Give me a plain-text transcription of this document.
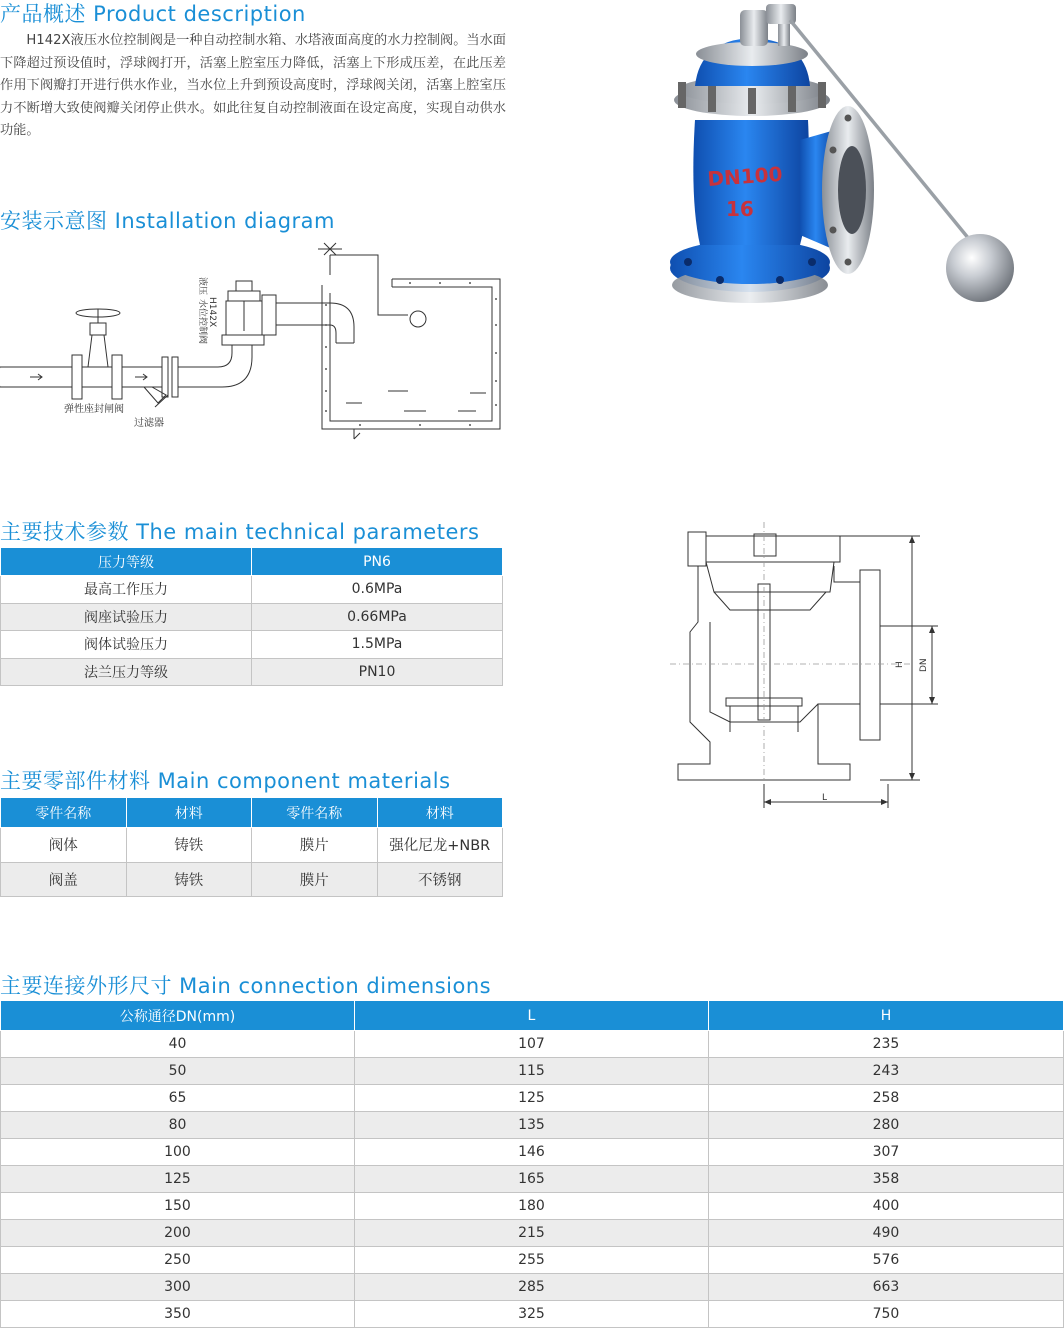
产品概述 Product description

H142X液压水位控制阀是一种自动控制水箱、水塔液面高度的水力控制阀。当水面下降超过预设值时，浮球阀打开，活塞上腔室压力降低，活塞上下形成压差，在此压差作用下阀瓣打开进行供水作业，当水位上升到预设高度时，浮球阀关闭，活塞上腔室压力不断增大致使阀瓣关闭停止供水。如此往复自动控制液面在设定高度，实现自动供水功能。

DN100
16
安装示意图 Installation diagram
弹性座封闸阀
过滤器
液压
H142X
水位控制阀
H DN
L
主要技术参数 The main technical parameters
压力等级	PN6
最高工作压力	0.6MPa
阀座试验压力	0.66MPa
阀体试验压力	1.5MPa
法兰压力等级	PN10
主要零部件材料 Main component materials
零件名称	材料	零件名称	材料
阀体	铸铁	膜片	强化尼龙+NBR
阀盖	铸铁	膜片	不锈钢
主要连接外形尺寸 Main connection dimensions
公称通径DN(mm)	L	H
40	107	235
50	115	243
65	125	258
80	135	280
100	146	307
125	165	358
150	180	400
200	215	490
250	255	576
300	285	663
350	325	750
